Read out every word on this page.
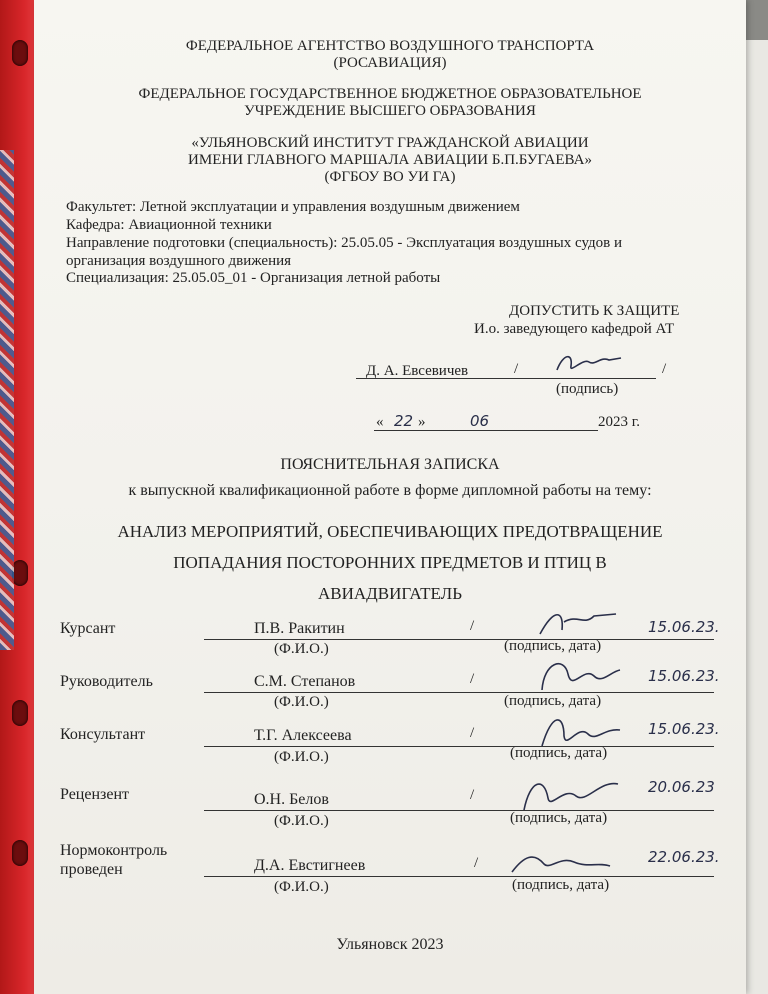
ФЕДЕРАЛЬНОЕ АГЕНТСТВО ВОЗДУШНОГО ТРАНСПОРТА
(РОСАВИАЦИЯ)
ФЕДЕРАЛЬНОЕ ГОСУДАРСТВЕННОЕ БЮДЖЕТНОЕ ОБРАЗОВАТЕЛЬНОЕ
УЧРЕЖДЕНИЕ ВЫСШЕГО ОБРАЗОВАНИЯ
«УЛЬЯНОВСКИЙ ИНСТИТУТ ГРАЖДАНСКОЙ АВИАЦИИ
ИМЕНИ ГЛАВНОГО МАРШАЛА АВИАЦИИ Б.П.БУГАЕВА»
(ФГБОУ ВО УИ ГА)
Факультет: Летной эксплуатации и управления воздушным движением
Кафедра: Авиационной техники
Направление подготовки (специальность): 25.05.05 - Эксплуатация воздушных судов и
организация воздушного движения
Специализация: 25.05.05_01 - Организация летной работы
ДОПУСТИТЬ К ЗАЩИТЕ
И.о. заведующего кафедрой АТ
Д. А. Евсевичев	/	/
(подпись)
« 22 »	06	2023 г.
ПОЯСНИТЕЛЬНАЯ ЗАПИСКА
к выпускной квалификационной работе в форме дипломной работы на тему:
АНАЛИЗ МЕРОПРИЯТИЙ, ОБЕСПЕЧИВАЮЩИХ ПРЕДОТВРАЩЕНИЕ
ПОПАДАНИЯ ПОСТОРОННИХ ПРЕДМЕТОВ И ПТИЦ В
АВИАДВИГАТЕЛЬ
Курсант	П.В. Ракитин	/	15.06.23.
(Ф.И.О.)	(подпись, дата)
Руководитель	С.М. Степанов	/	15.06.23.
(Ф.И.О.)	(подпись, дата)
Консультант	Т.Г. Алексеева	/	15.06.23.
(Ф.И.О.)	(подпись, дата)
Рецензент	О.Н. Белов	/	20.06.23
(Ф.И.О.)	(подпись, дата)
Нормоконтроль
проведен	Д.А. Евстигнеев	/	22.06.23.
(Ф.И.О.)	(подпись, дата)
Ульяновск 2023
